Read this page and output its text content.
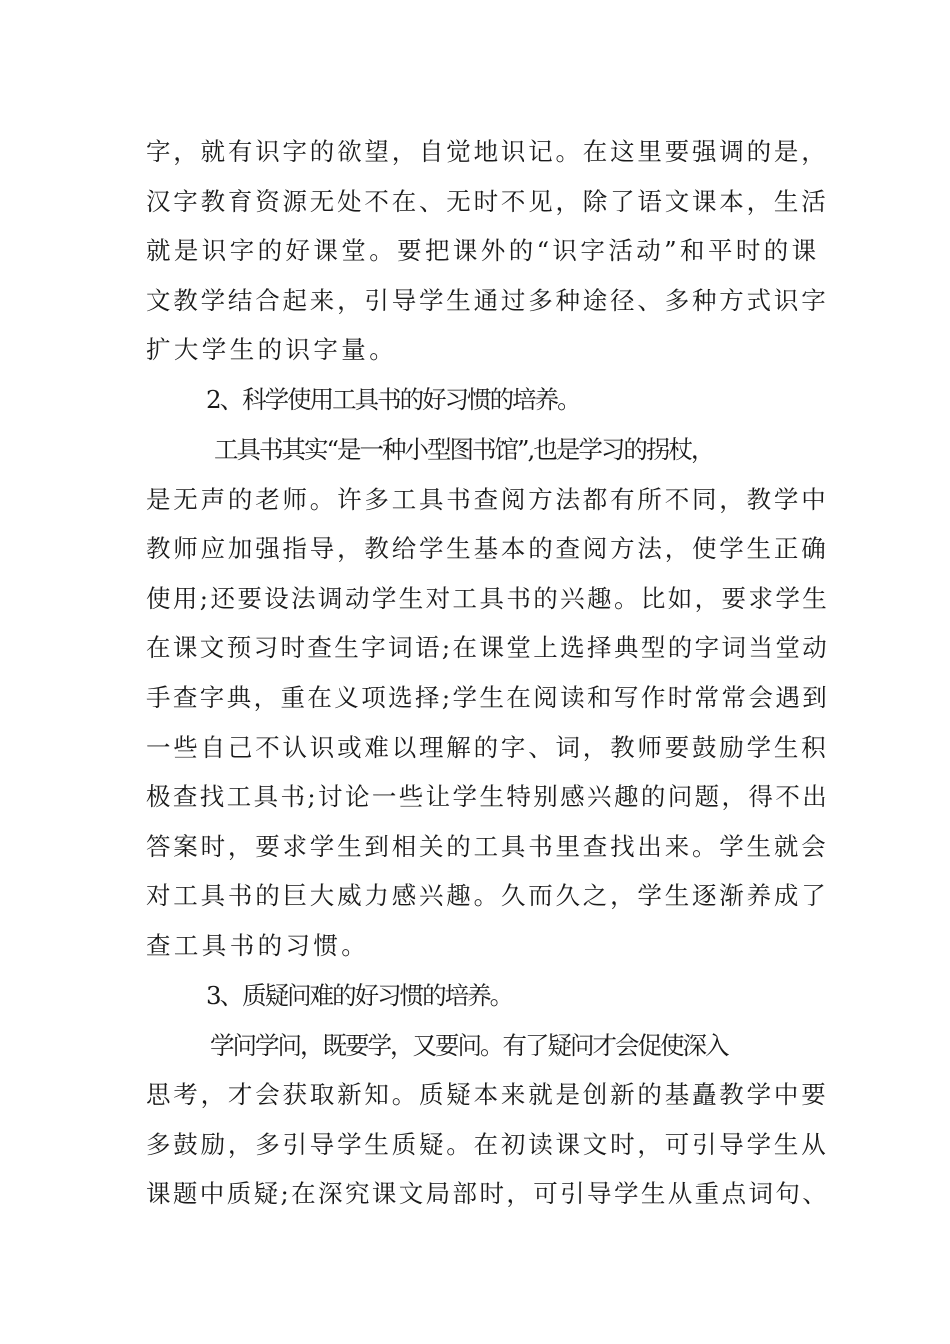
字，就有识字的欲望，自觉地识记。在这里要强调的是，
汉字教育资源无处不在、无时不见，除了语文课本，生活
就是识字的好课堂。要把课外的“识字活动”和平时的课
文教学结合起来，引导学生通过多种途径、多种方式识字
扩大学生的识字量。
2、科学使用工具书的好习惯的培养。
工具书其实“是一种小型图书馆”,也是学习的拐杖，
是无声的老师。许多工具书查阅方法都有所不同，教学中
教师应加强指导，教给学生基本的查阅方法，使学生正确
使用;还要设法调动学生对工具书的兴趣。比如，要求学生
在课文预习时查生字词语;在课堂上选择典型的字词当堂动
手查字典，重在义项选择;学生在阅读和写作时常常会遇到
一些自己不认识或难以理解的字、词，教师要鼓励学生积
极查找工具书;讨论一些让学生特别感兴趣的问题，得不出
答案时，要求学生到相关的工具书里查找出来。学生就会
对工具书的巨大威力感兴趣。久而久之，学生逐渐养成了
查工具书的习惯。
3、质疑问难的好习惯的培养。
学问学问，既要学，又要问。有了疑问才会促使深入
思考，才会获取新知。质疑本来就是创新的基矗教学中要
多鼓励，多引导学生质疑。在初读课文时，可引导学生从
课题中质疑;在深究课文局部时，可引导学生从重点词句、
